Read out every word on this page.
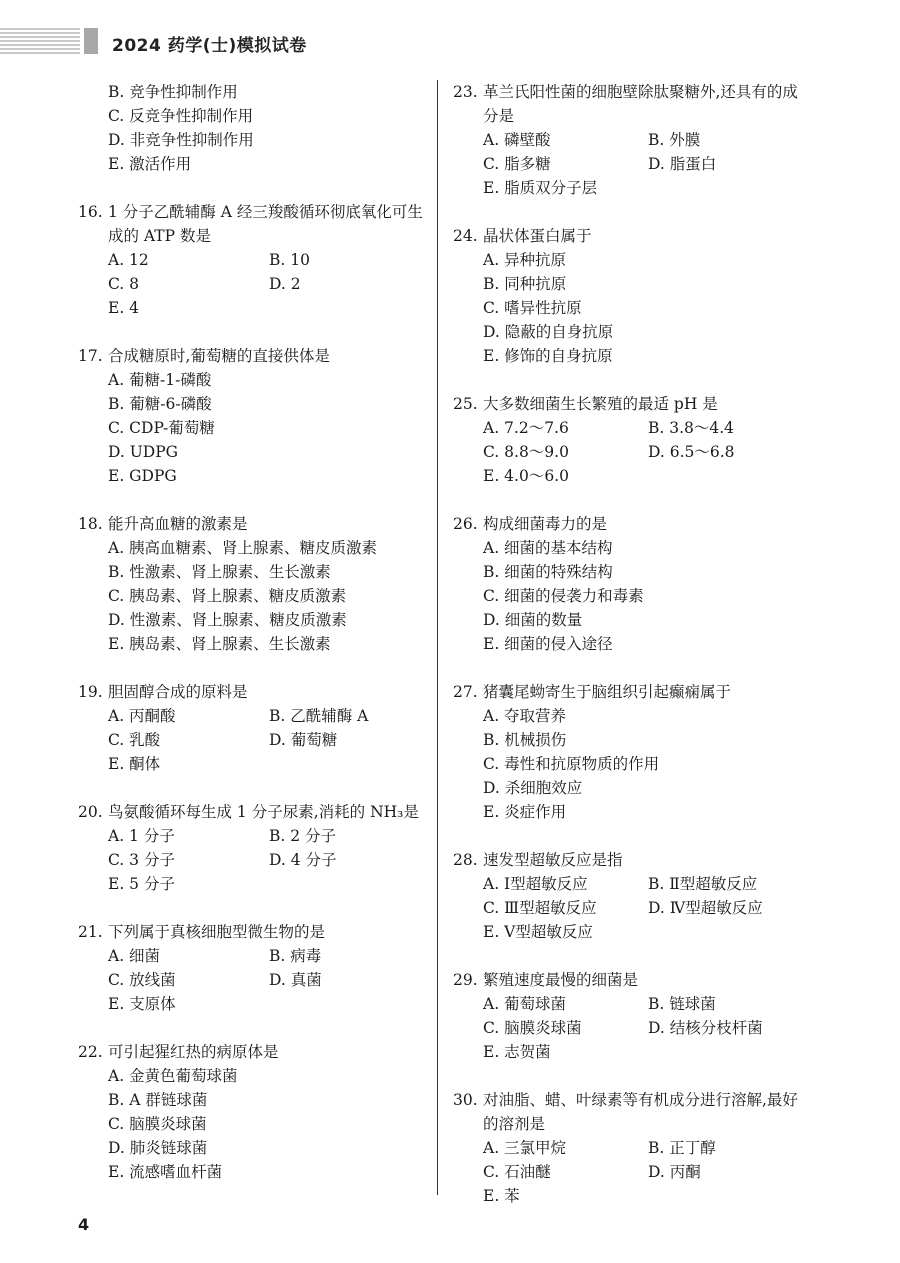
2024 药学(士)模拟试卷
B. 竞争性抑制作用
C. 反竞争性抑制作用
D. 非竞争性抑制作用
E. 激活作用
16. 1 分子乙酰辅酶 A 经三羧酸循环彻底氧化可生成的 ATP 数是
A. 12	B. 10
C. 8	D. 2
E. 4
17. 合成糖原时,葡萄糖的直接供体是
A. 葡糖-1-磷酸
B. 葡糖-6-磷酸
C. CDP-葡萄糖
D. UDPG
E. GDPG
18. 能升高血糖的激素是
A. 胰高血糖素、肾上腺素、糖皮质激素
B. 性激素、肾上腺素、生长激素
C. 胰岛素、肾上腺素、糖皮质激素
D. 性激素、肾上腺素、糖皮质激素
E. 胰岛素、肾上腺素、生长激素
19. 胆固醇合成的原料是
A. 丙酮酸	B. 乙酰辅酶 A
C. 乳酸	D. 葡萄糖
E. 酮体
20. 鸟氨酸循环每生成 1 分子尿素,消耗的 NH₃是
A. 1 分子	B. 2 分子
C. 3 分子	D. 4 分子
E. 5 分子
21. 下列属于真核细胞型微生物的是
A. 细菌	B. 病毒
C. 放线菌	D. 真菌
E. 支原体
22. 可引起猩红热的病原体是
A. 金黄色葡萄球菌
B. A 群链球菌
C. 脑膜炎球菌
D. 肺炎链球菌
E. 流感嗜血杆菌
23. 革兰氏阳性菌的细胞壁除肽聚糖外,还具有的成分是
A. 磷壁酸	B. 外膜
C. 脂多糖	D. 脂蛋白
E. 脂质双分子层
24. 晶状体蛋白属于
A. 异种抗原
B. 同种抗原
C. 嗜异性抗原
D. 隐蔽的自身抗原
E. 修饰的自身抗原
25. 大多数细菌生长繁殖的最适 pH 是
A. 7.2～7.6	B. 3.8～4.4
C. 8.8～9.0	D. 6.5～6.8
E. 4.0～6.0
26. 构成细菌毒力的是
A. 细菌的基本结构
B. 细菌的特殊结构
C. 细菌的侵袭力和毒素
D. 细菌的数量
E. 细菌的侵入途径
27. 猪囊尾蚴寄生于脑组织引起癫痫属于
A. 夺取营养
B. 机械损伤
C. 毒性和抗原物质的作用
D. 杀细胞效应
E. 炎症作用
28. 速发型超敏反应是指
A. Ⅰ型超敏反应	B. Ⅱ型超敏反应
C. Ⅲ型超敏反应	D. Ⅳ型超敏反应
E. Ⅴ型超敏反应
29. 繁殖速度最慢的细菌是
A. 葡萄球菌	B. 链球菌
C. 脑膜炎球菌	D. 结核分枝杆菌
E. 志贺菌
30. 对油脂、蜡、叶绿素等有机成分进行溶解,最好的溶剂是
A. 三氯甲烷	B. 正丁醇
C. 石油醚	D. 丙酮
E. 苯
4
